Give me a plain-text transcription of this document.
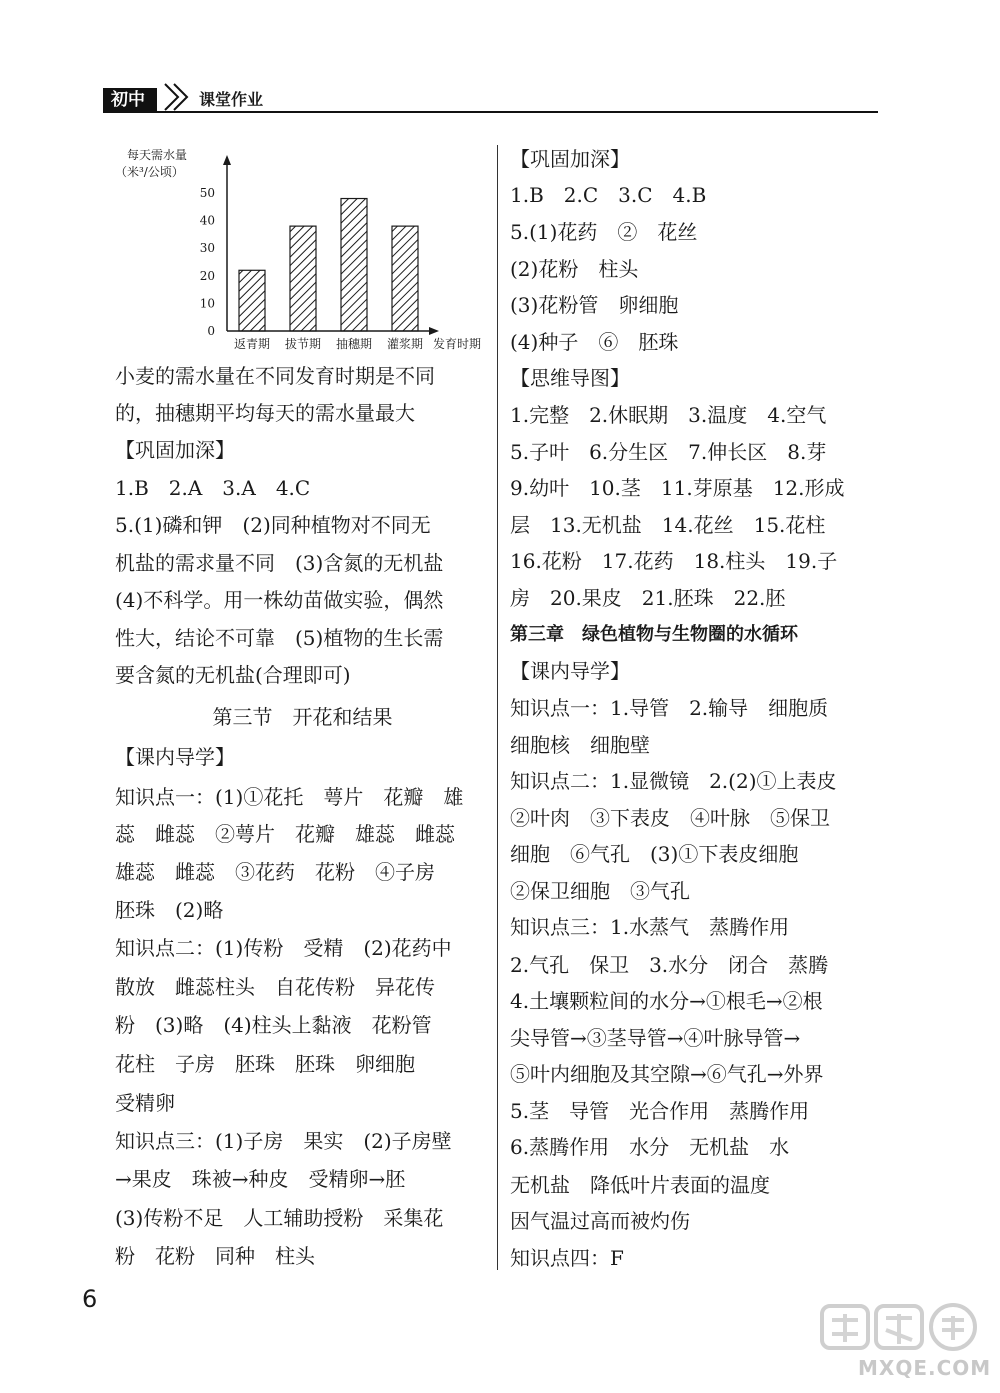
初中	课堂作业
每天需水量
（米³/公顷）
0
10
20
30
40
50
返青期 拔节期 抽穗期 灌浆期 发育时期
小麦的需水量在不同发育时期是不同
的，抽穗期平均每天的需水量最大
【巩固加深】
1.B　2.A　3.A　4.C
5.(1)磷和钾　(2)同种植物对不同无
机盐的需求量不同　(3)含氮的无机盐
(4)不科学。用一株幼苗做实验，偶然
性大，结论不可靠　(5)植物的生长需
要含氮的无机盐(合理即可)
第三节　开花和结果
【课内导学】
知识点一：(1)①花托　萼片　花瓣　雄
蕊　雌蕊　②萼片　花瓣　雄蕊　雌蕊
雄蕊　雌蕊　③花药　花粉　④子房
胚珠　(2)略
知识点二：(1)传粉　受精　(2)花药中
散放　雌蕊柱头　自花传粉　异花传
粉　(3)略　(4)柱头上黏液　花粉管
花柱　子房　胚珠　胚珠　卵细胞
受精卵
知识点三：(1)子房　果实　(2)子房壁
→果皮　珠被→种皮　受精卵→胚
(3)传粉不足　人工辅助授粉　采集花
粉　花粉　同种　柱头
【巩固加深】
1.B　2.C　3.C　4.B
5.(1)花药　②　花丝
(2)花粉　柱头
(3)花粉管　卵细胞
(4)种子　⑥　胚珠
【思维导图】
1.完整　2.休眠期　3.温度　4.空气
5.子叶　6.分生区　7.伸长区　8.芽
9.幼叶　10.茎　11.芽原基　12.形成
层　13.无机盐　14.花丝　15.花柱
16.花粉　17.花药　18.柱头　19.子
房　20.果皮　21.胚珠　22.胚
第三章　绿色植物与生物圈的水循环
【课内导学】
知识点一：1.导管　2.输导　细胞质
细胞核　细胞壁
知识点二：1.显微镜　2.(2)①上表皮
②叶肉　③下表皮　④叶脉　⑤保卫
细胞　⑥气孔　(3)①下表皮细胞
②保卫细胞　③气孔
知识点三：1.水蒸气　蒸腾作用
2.气孔　保卫　3.水分　闭合　蒸腾
4.土壤颗粒间的水分→①根毛→②根
尖导管→③茎导管→④叶脉导管→
⑤叶内细胞及其空隙→⑥气孔→外界
5.茎　导管　光合作用　蒸腾作用
6.蒸腾作用　水分　无机盐　水
无机盐　降低叶片表面的温度
因气温过高而被灼伤
知识点四：F
6
MXQE.COM
